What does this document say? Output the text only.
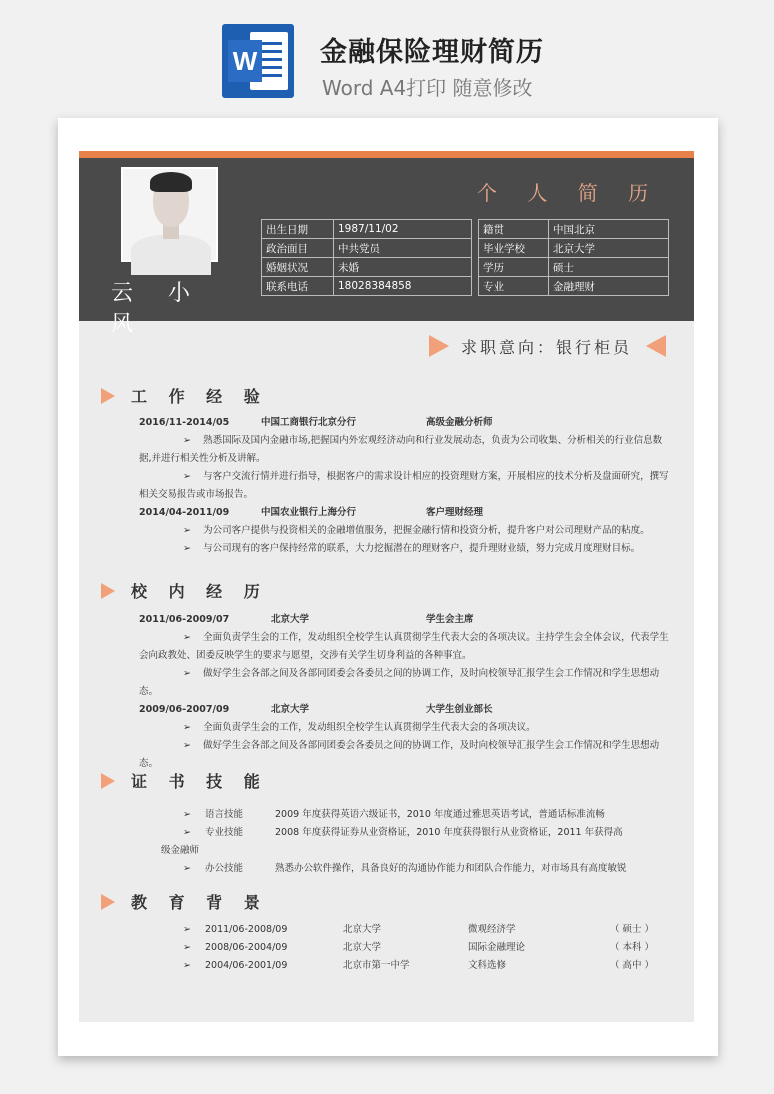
W 金融保险理财简历
Word A4打印 随意修改
云 小 风
个 人 简 历
出生日期	1987/11/02
政治面目	中共党员
婚姻状况	未婚
联系电话	18028384858
籍贯	中国北京
毕业学校	北京大学
学历	硕士
专业	金融理财
求职意向：银行柜员
工 作 经 验
2016/11-2014/05	中国工商银行北京分行	高级金融分析师
➢ 熟悉国际及国内金融市场,把握国内外宏观经济动向和行业发展动态，负责为公司收集、分析相关的行业信息数据,并进行相关性分析及讲解。
➢ 与客户交流行情并进行指导，根据客户的需求设计相应的投资理财方案，开展相应的技术分析及盘面研究，撰写相关交易报告或市场报告。
2014/04-2011/09	中国农业银行上海分行	客户理财经理
➢ 为公司客户提供与投资相关的金融增值服务，把握金融行情和投资分析，提升客户对公司理财产品的粘度。
➢ 与公司现有的客户保持经常的联系，大力挖掘潜在的理财客户，提升理财业绩，努力完成月度理财目标。
校 内 经 历
2011/06-2009/07	北京大学	学生会主席
➢ 全面负责学生会的工作，发动组织全校学生认真贯彻学生代表大会的各项决议。主持学生会全体会议，代表学生会向政教处、团委反映学生的要求与愿望，交涉有关学生切身利益的各种事宜。
➢ 做好学生会各部之间及各部同团委会各委员之间的协调工作，及时向校领导汇报学生会工作情况和学生思想动态。
2009/06-2007/09	北京大学	大学生创业部长
➢ 全面负责学生会的工作，发动组织全校学生认真贯彻学生代表大会的各项决议。
➢ 做好学生会各部之间及各部同团委会各委员之间的协调工作，及时向校领导汇报学生会工作情况和学生思想动态。
证 书 技 能
➢	语言技能	2009 年度获得英语六级证书，2010 年度通过雅思英语考试，普通话标准流畅
➢	专业技能	2008 年度获得证券从业资格证，2010 年度获得银行从业资格证，2011 年获得高
级金融师
➢	办公技能	熟悉办公软件操作，具备良好的沟通协作能力和团队合作能力，对市场具有高度敏锐
教 育 背 景
➢	2011/06-2008/09	北京大学	微观经济学	（ 硕士 ）
➢	2008/06-2004/09	北京大学	国际金融理论	（ 本科 ）
➢	2004/06-2001/09	北京市第一中学	文科选修	（ 高中 ）
